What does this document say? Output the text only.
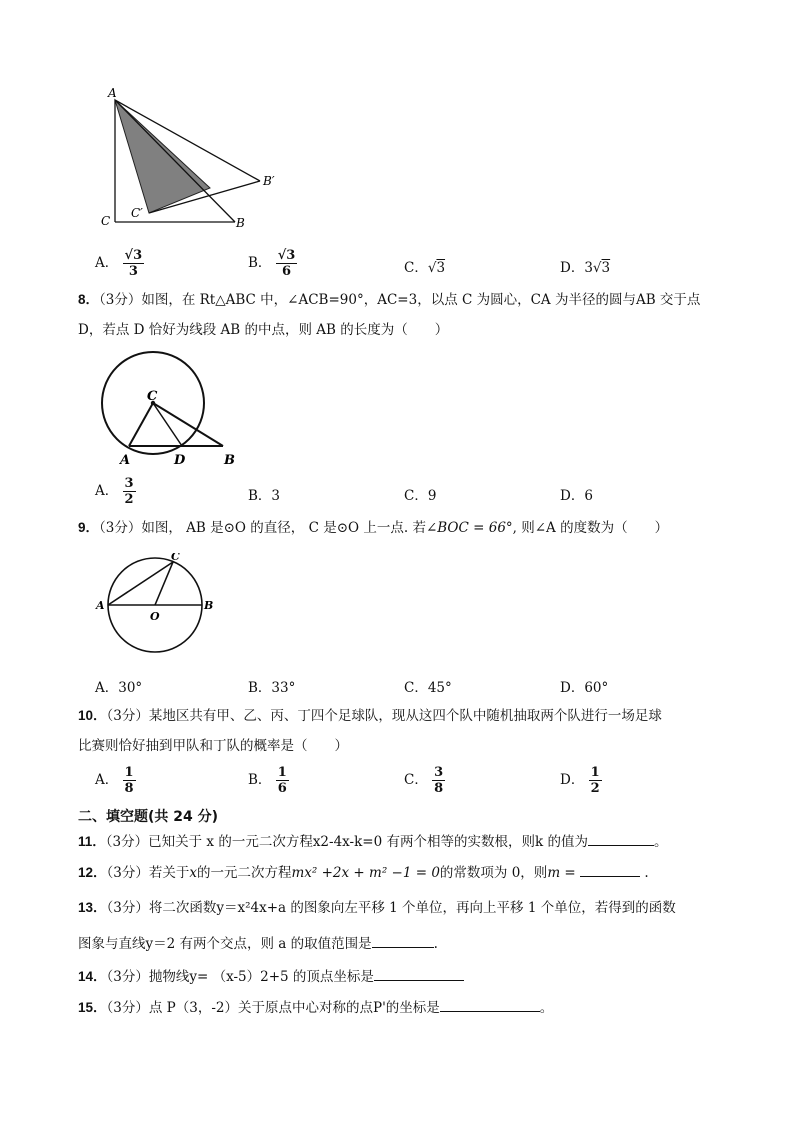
A
C	B
B′
C′
A． $\frac{√3}{3}$	B． $\frac{√3}{6}$	C．√3	D．3√3
8．（3分）如图，在 Rt△ABC 中，∠ACB=90°，AC=3，以点 C 为圆心，CA 为半径的圆与AB 交于点
D，若点 D 恰好为线段 AB 的中点，则 AB 的长度为（　　）
C
A	D	B
A． $\frac{3}{2}$	B．3	C．9	D．6
9．（3分）如图， AB 是⊙O 的直径， C 是⊙O 上一点. 若∠BOC = 66°, 则∠A 的度数为（　　）
A	B
C
O
A．30°	B．33°	C．45°	D．60°
10．（3分）某地区共有甲、乙、丙、丁四个足球队，现从这四个队中随机抽取两个队进行一场足球
比赛则恰好抽到甲队和丁队的概率是（　　）
A． $\frac{1}{8}$	B． $\frac{1}{6}$	C． $\frac{3}{8}$	D． $\frac{1}{2}$
二、填空题(共 24 分)
11．（3分）已知关于 x 的一元二次方程x2-4x-k=0 有两个相等的实数根，则k 的值为	。
12．（3分）若关于x的一元二次方程mx² +2x + m² −1 = 0的常数项为 0，则m =	.
13．（3分）将二次函数y＝x²4x+a 的图象向左平移 1 个单位，再向上平移 1 个单位，若得到的函数
图象与直线y＝2 有两个交点，则 a 的取值范围是	.
14．（3分）抛物线y= （x-5）2+5 的顶点坐标是
15．（3分）点 P（3，-2）关于原点中心对称的点P'的坐标是	。
